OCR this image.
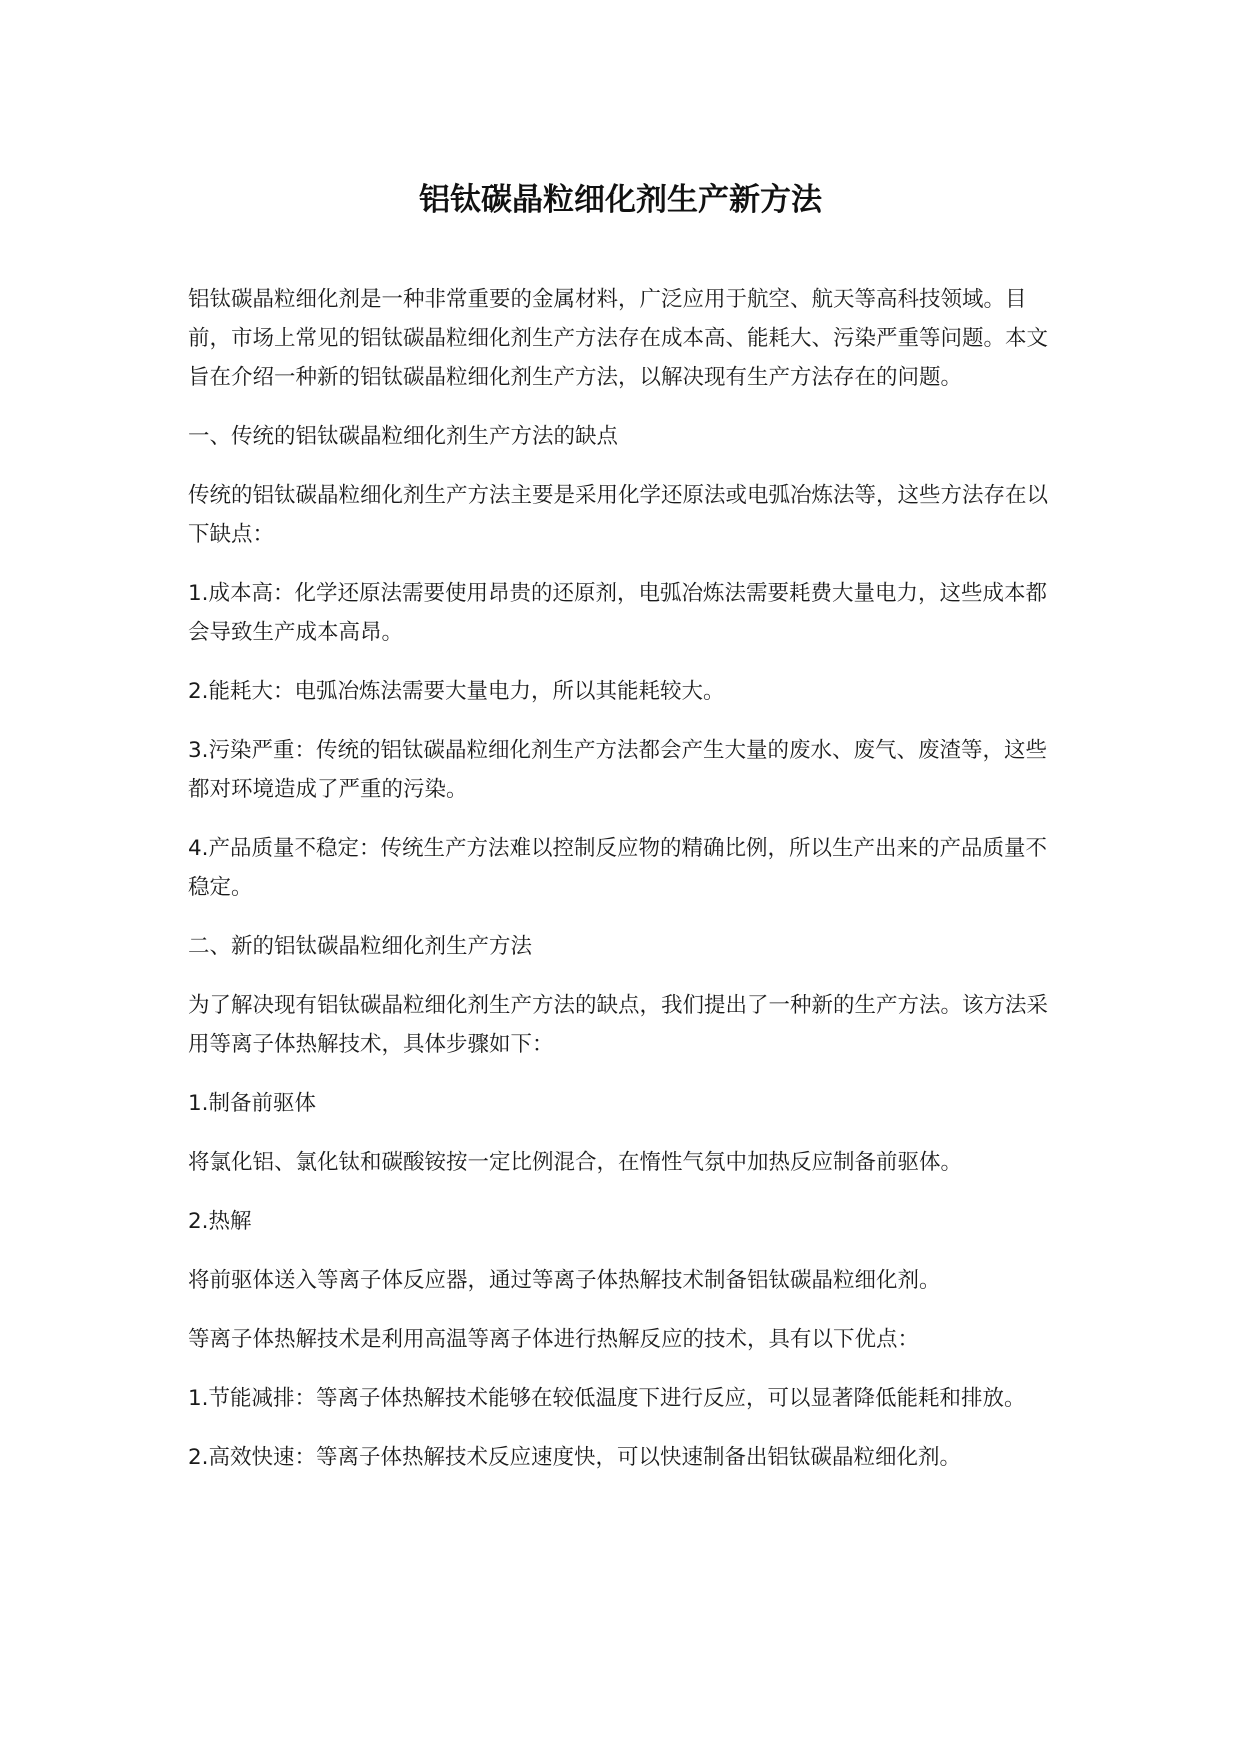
铝钛碳晶粒细化剂生产新方法

铝钛碳晶粒细化剂是一种非常重要的金属材料，广泛应用于航空、航天等高科技领域。目前，市场上常见的铝钛碳晶粒细化剂生产方法存在成本高、能耗大、污染严重等问题。本文旨在介绍一种新的铝钛碳晶粒细化剂生产方法，以解决现有生产方法存在的问题。

一、传统的铝钛碳晶粒细化剂生产方法的缺点

传统的铝钛碳晶粒细化剂生产方法主要是采用化学还原法或电弧冶炼法等，这些方法存在以下缺点：

1.成本高：化学还原法需要使用昂贵的还原剂，电弧冶炼法需要耗费大量电力，这些成本都会导致生产成本高昂。

2.能耗大：电弧冶炼法需要大量电力，所以其能耗较大。

3.污染严重：传统的铝钛碳晶粒细化剂生产方法都会产生大量的废水、废气、废渣等，这些都对环境造成了严重的污染。

4.产品质量不稳定：传统生产方法难以控制反应物的精确比例，所以生产出来的产品质量不稳定。

二、新的铝钛碳晶粒细化剂生产方法

为了解决现有铝钛碳晶粒细化剂生产方法的缺点，我们提出了一种新的生产方法。该方法采用等离子体热解技术，具体步骤如下：

1.制备前驱体

将氯化铝、氯化钛和碳酸铵按一定比例混合，在惰性气氛中加热反应制备前驱体。

2.热解

将前驱体送入等离子体反应器，通过等离子体热解技术制备铝钛碳晶粒细化剂。

等离子体热解技术是利用高温等离子体进行热解反应的技术，具有以下优点：

1.节能减排：等离子体热解技术能够在较低温度下进行反应，可以显著降低能耗和排放。

2.高效快速：等离子体热解技术反应速度快，可以快速制备出铝钛碳晶粒细化剂。
